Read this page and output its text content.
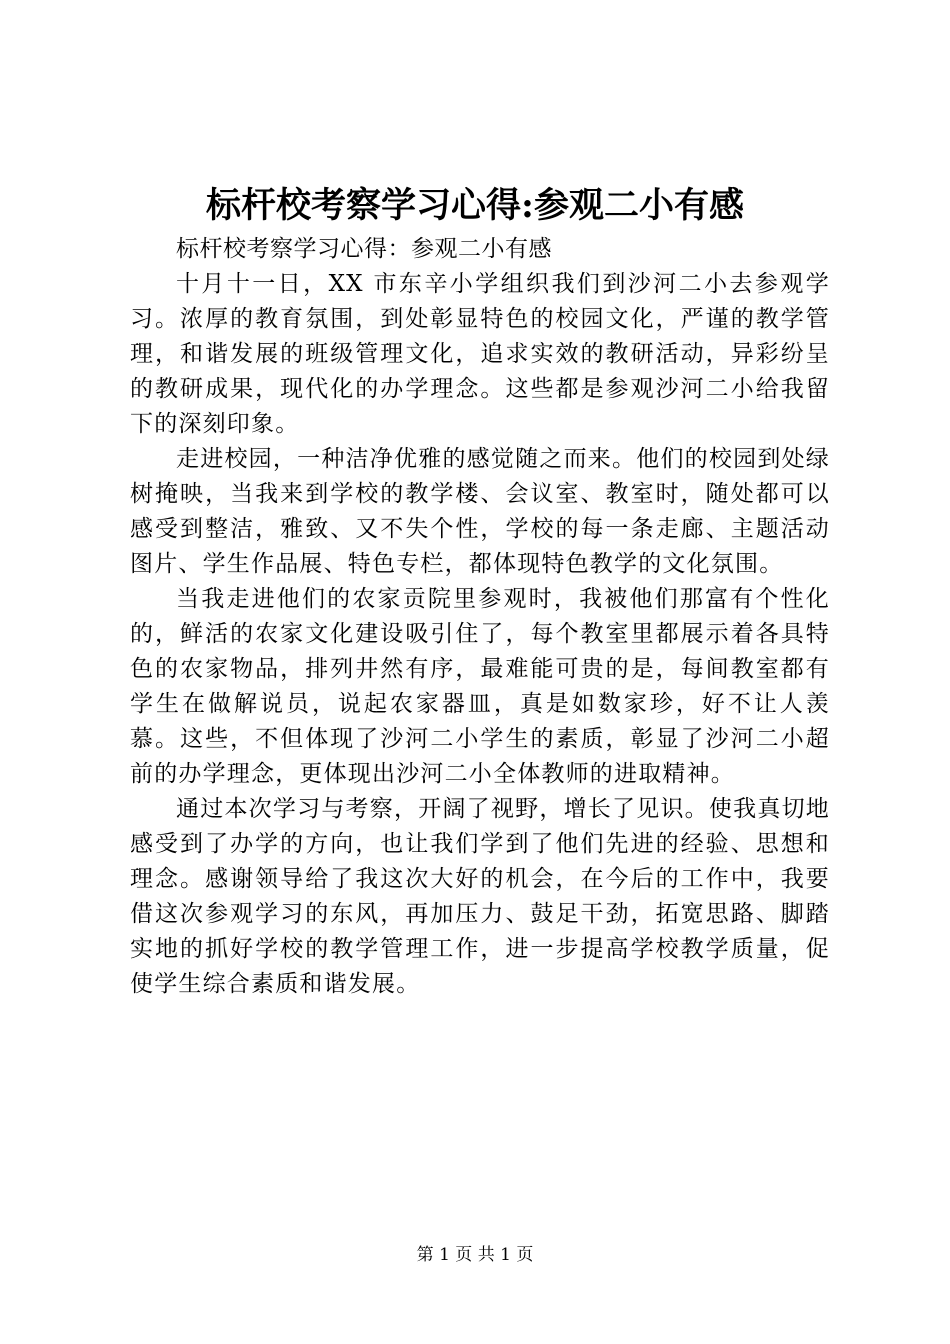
标杆校考察学习心得:参观二小有感

标杆校考察学习心得：参观二小有感

十月十一日，XX 市东辛小学组织我们到沙河二小去参观学习。浓厚的教育氛围，到处彰显特色的校园文化，严谨的教学管理，和谐发展的班级管理文化，追求实效的教研活动，异彩纷呈的教研成果，现代化的办学理念。这些都是参观沙河二小给我留下的深刻印象。

走进校园，一种洁净优雅的感觉随之而来。他们的校园到处绿树掩映，当我来到学校的教学楼、会议室、教室时，随处都可以感受到整洁，雅致、又不失个性，学校的每一条走廊、主题活动图片、学生作品展、特色专栏，都体现特色教学的文化氛围。

当我走进他们的农家贡院里参观时，我被他们那富有个性化的，鲜活的农家文化建设吸引住了，每个教室里都展示着各具特色的农家物品，排列井然有序，最难能可贵的是，每间教室都有学生在做解说员，说起农家器皿，真是如数家珍，好不让人羡慕。这些，不但体现了沙河二小学生的素质，彰显了沙河二小超前的办学理念，更体现出沙河二小全体教师的进取精神。

通过本次学习与考察，开阔了视野，增长了见识。使我真切地感受到了办学的方向，也让我们学到了他们先进的经验、思想和理念。感谢领导给了我这次大好的机会，在今后的工作中，我要借这次参观学习的东风，再加压力、鼓足干劲，拓宽思路、脚踏实地的抓好学校的教学管理工作，进一步提高学校教学质量，促使学生综合素质和谐发展。

第 1 页 共 1 页
